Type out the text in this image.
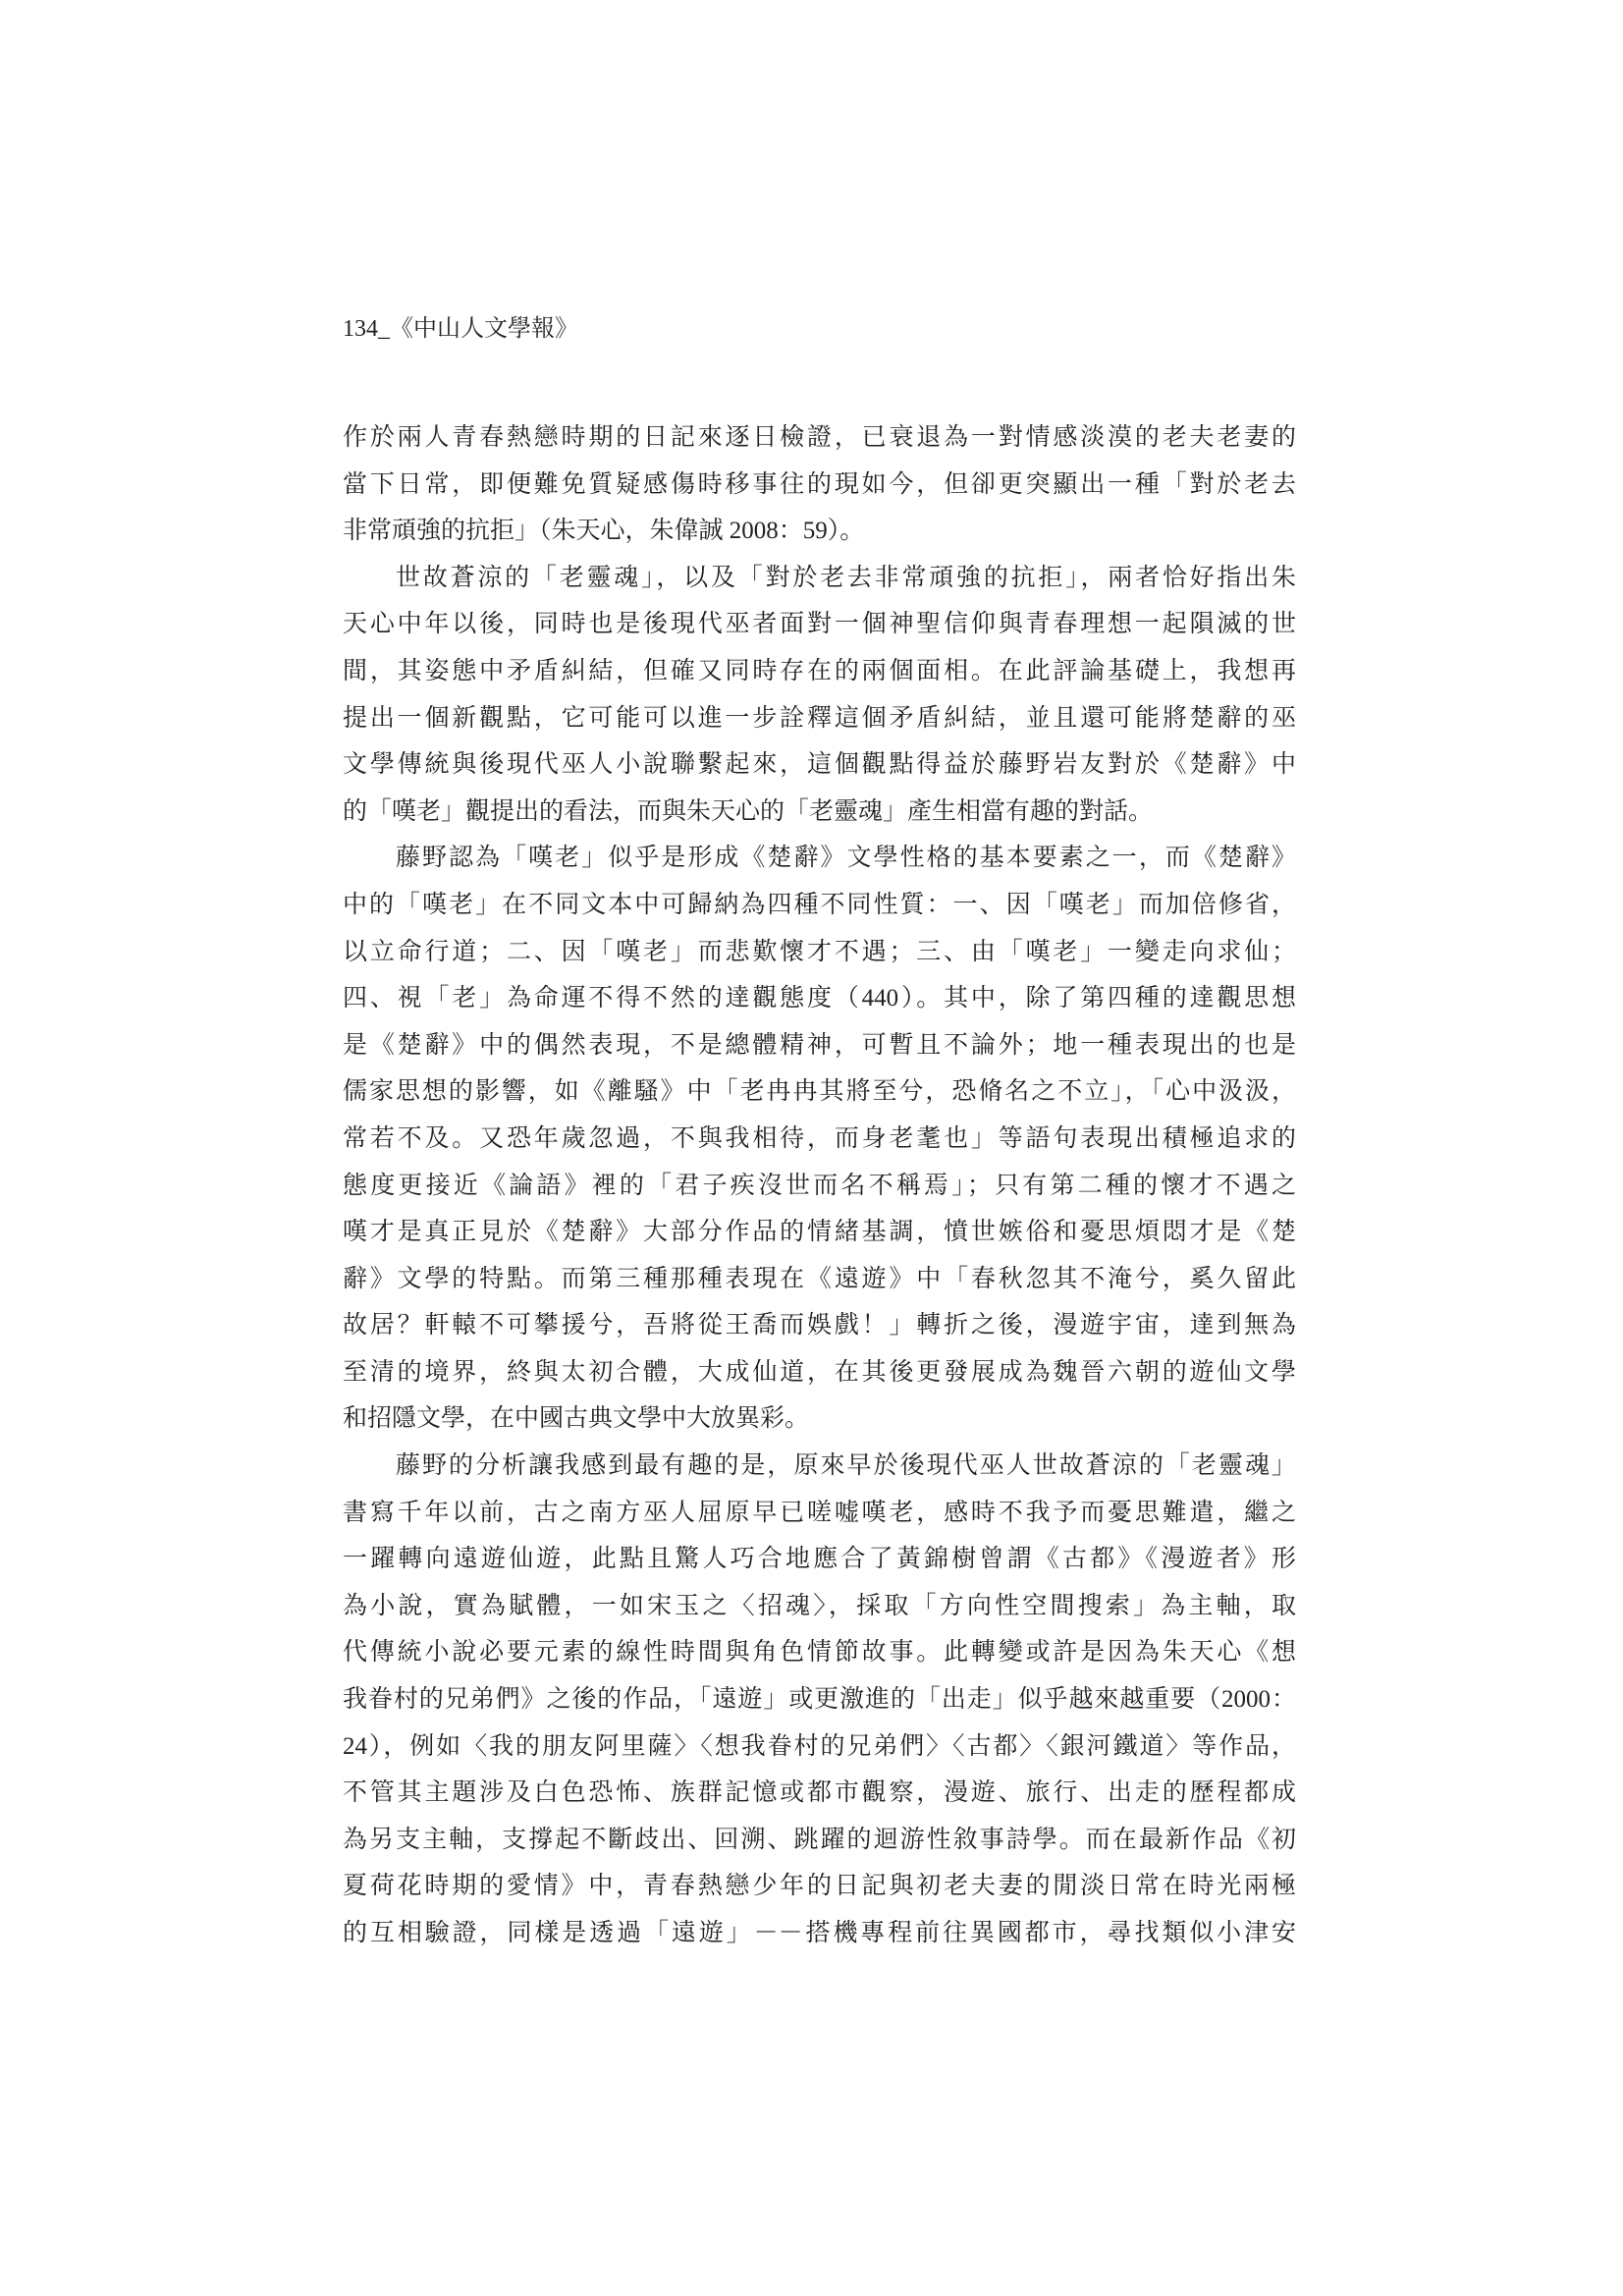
134_《中山人文學報》
作於兩人青春熱戀時期的日記來逐日檢證，已衰退為一對情感淡漠的老夫老妻的
當下日常，即便難免質疑感傷時移事往的現如今，但卻更突顯出一種「對於老去
非常頑強的抗拒」（朱天心，朱偉誠 2008：59）。
世故蒼涼的「老靈魂」，以及「對於老去非常頑強的抗拒」，兩者恰好指出朱
天心中年以後，同時也是後現代巫者面對一個神聖信仰與青春理想一起隕滅的世
間，其姿態中矛盾糾結，但確又同時存在的兩個面相。在此評論基礎上，我想再
提出一個新觀點，它可能可以進一步詮釋這個矛盾糾結，並且還可能將楚辭的巫
文學傳統與後現代巫人小說聯繫起來，這個觀點得益於藤野岩友對於《楚辭》中
的「嘆老」觀提出的看法，而與朱天心的「老靈魂」產生相當有趣的對話。
藤野認為「嘆老」似乎是形成《楚辭》文學性格的基本要素之一，而《楚辭》
中的「嘆老」在不同文本中可歸納為四種不同性質：一、因「嘆老」而加倍修省，
以立命行道；二、因「嘆老」而悲歎懷才不遇；三、由「嘆老」一變走向求仙；
四、視「老」為命運不得不然的達觀態度（440）。其中，除了第四種的達觀思想
是《楚辭》中的偶然表現，不是總體精神，可暫且不論外；地一種表現出的也是
儒家思想的影響，如《離騷》中「老冉冉其將至兮，恐脩名之不立」，「心中汲汲，
常若不及。又恐年歲忽過，不與我相待，而身老耄也」等語句表現出積極追求的
態度更接近《論語》裡的「君子疾沒世而名不稱焉」；只有第二種的懷才不遇之
嘆才是真正見於《楚辭》大部分作品的情緒基調，憤世嫉俗和憂思煩悶才是《楚
辭》文學的特點。而第三種那種表現在《遠遊》中「春秋忽其不淹兮，奚久留此
故居？軒轅不可攀援兮，吾將從王喬而娛戲！」轉折之後，漫遊宇宙，達到無為
至清的境界，終與太初合體，大成仙道，在其後更發展成為魏晉六朝的遊仙文學
和招隱文學，在中國古典文學中大放異彩。
藤野的分析讓我感到最有趣的是，原來早於後現代巫人世故蒼涼的「老靈魂」
書寫千年以前，古之南方巫人屈原早已嗟嘘嘆老，感時不我予而憂思難遣，繼之
一躍轉向遠遊仙遊，此點且驚人巧合地應合了黃錦樹曾謂《古都》《漫遊者》形
為小說，實為賦體，一如宋玉之〈招魂〉，採取「方向性空間搜索」為主軸，取
代傳統小說必要元素的線性時間與角色情節故事。此轉變或許是因為朱天心《想
我眷村的兄弟們》之後的作品，「遠遊」或更激進的「出走」似乎越來越重要（2000：
24），例如〈我的朋友阿里薩〉〈想我眷村的兄弟們〉〈古都〉〈銀河鐵道〉等作品，
不管其主題涉及白色恐怖、族群記憶或都市觀察，漫遊、旅行、出走的歷程都成
為另支主軸，支撐起不斷歧出、回溯、跳躍的迴游性敘事詩學。而在最新作品《初
夏荷花時期的愛情》中，青春熱戀少年的日記與初老夫妻的閒淡日常在時光兩極
的互相驗證，同樣是透過「遠遊」－－搭機專程前往異國都市，尋找類似小津安
